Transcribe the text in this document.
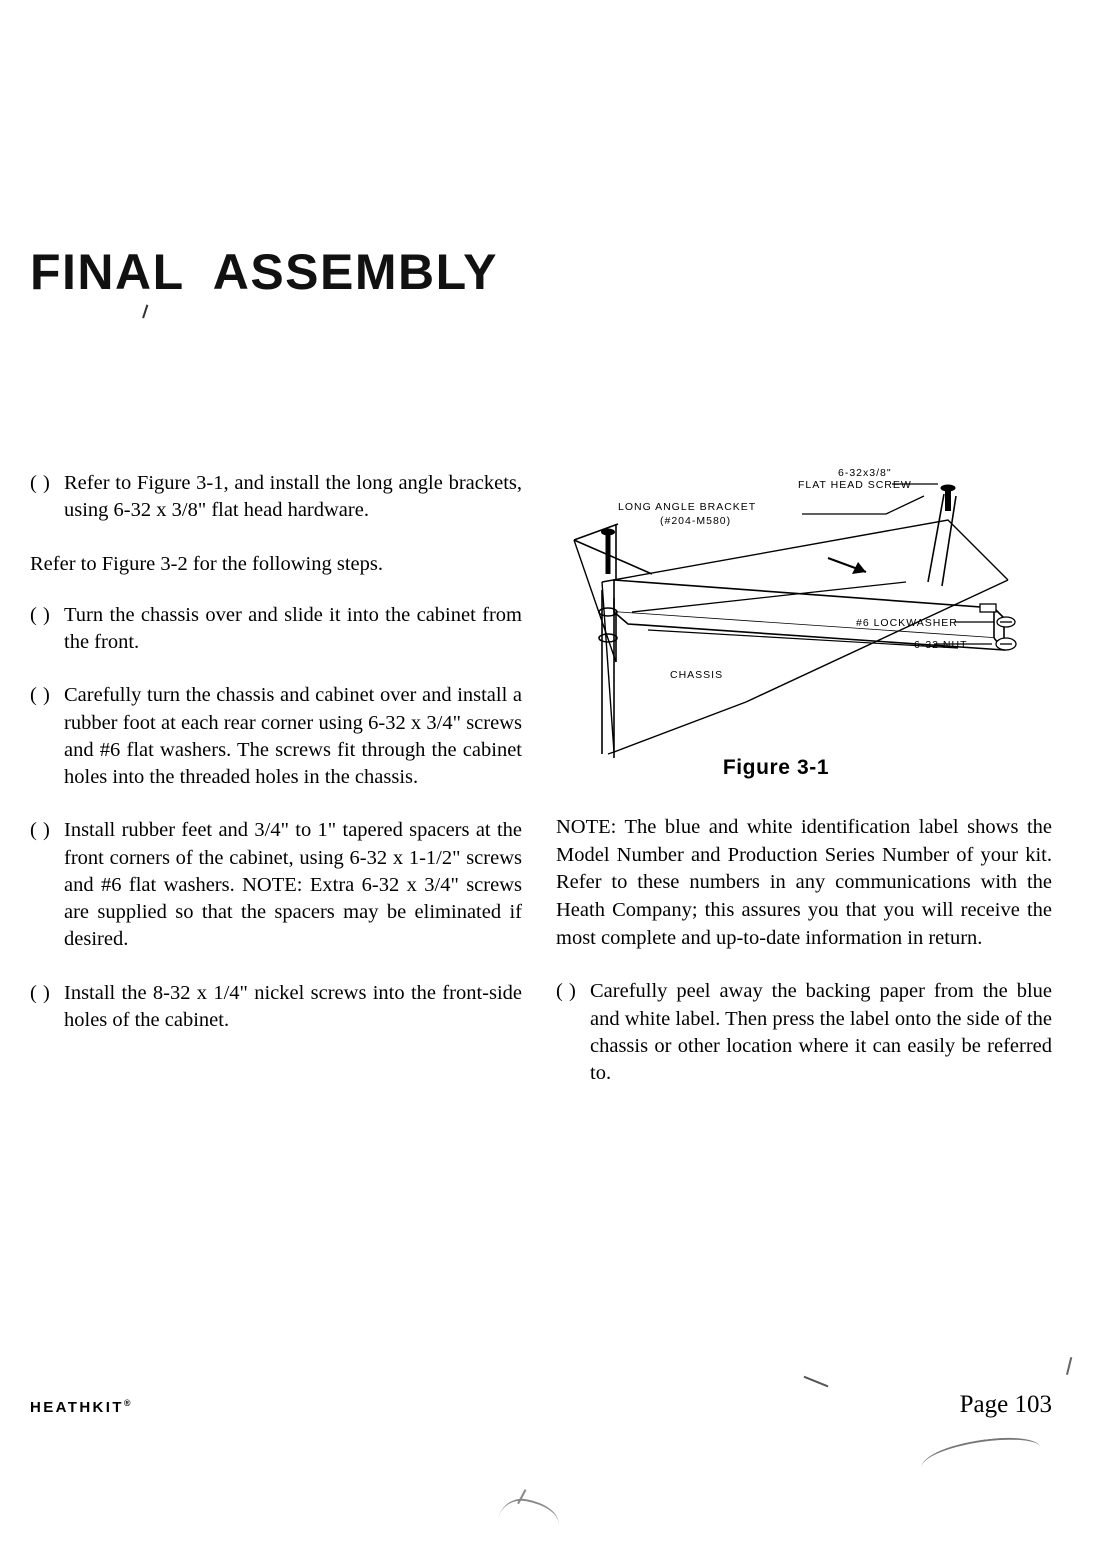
FINAL  ASSEMBLY
( ) Refer to Figure 3-1, and install the long angle brackets, using 6-32 x 3/8" flat head hardware.
Refer to Figure 3-2 for the following steps.
( ) Turn the chassis over and slide it into the cabinet from the front.
( ) Carefully turn the chassis and cabinet over and install a rubber foot at each rear corner using 6-32 x 3/4" screws and #6 flat washers. The screws fit through the cabinet holes into the threaded holes in the chassis.
( ) Install rubber feet and 3/4" to 1" tapered spacers at the front corners of the cabinet, using 6-32 x 1-1/2" screws and #6 flat washers. NOTE: Extra 6-32 x 3/4" screws are supplied so that the spacers may be eliminated if desired.
( ) Install the 8-32 x 1/4" nickel screws into the front-side holes of the cabinet.
6-32x3/8"
FLAT HEAD SCREW
LONG ANGLE BRACKET
(#204-M580)
#6 LOCKWASHER
6-32 NUT
CHASSIS
Figure 3-1
NOTE: The blue and white identification label shows the Model Number and Production Series Number of your kit. Refer to these numbers in any communications with the Heath Company; this assures you that you will receive the most complete and up-to-date information in return.
( ) Carefully peel away the backing paper from the blue and white label. Then press the label onto the side of the chassis or other location where it can easily be referred to.
HEATHKIT®	Page 103
